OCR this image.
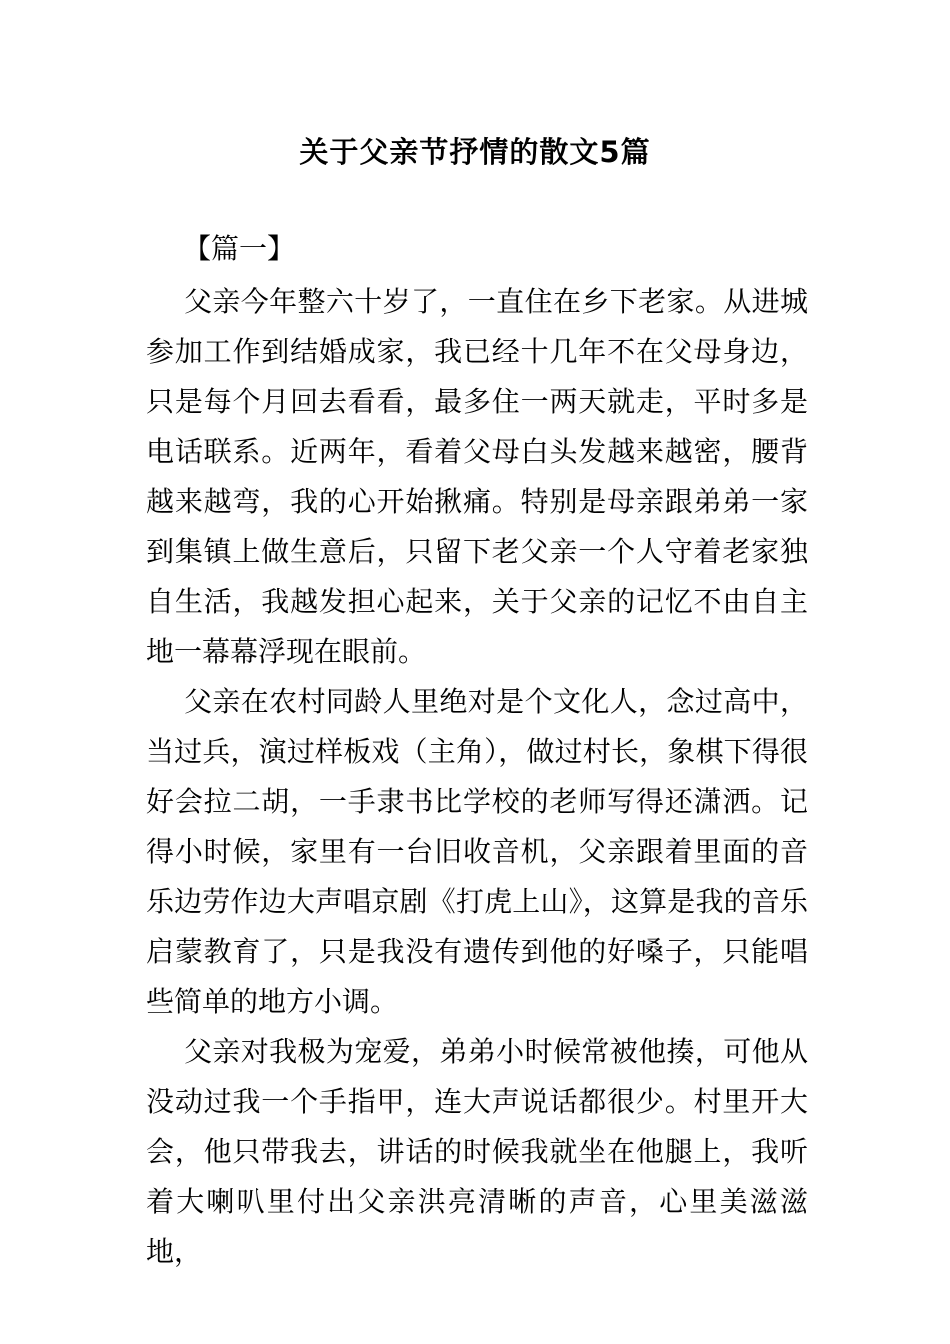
关于父亲节抒情的散文5篇
【篇一】

父亲今年整六十岁了，一直住在乡下老家。从进城参加工作到结婚成家，我已经十几年不在父母身边，只是每个月回去看看，最多住一两天就走，平时多是电话联系。近两年，看着父母白头发越来越密，腰背越来越弯，我的心开始揪痛。特别是母亲跟弟弟一家到集镇上做生意后，只留下老父亲一个人守着老家独自生活，我越发担心起来，关于父亲的记忆不由自主地一幕幕浮现在眼前。

父亲在农村同龄人里绝对是个文化人，念过高中，当过兵，演过样板戏（主角），做过村长，象棋下得很好会拉二胡，一手隶书比学校的老师写得还潇洒。记得小时候，家里有一台旧收音机，父亲跟着里面的音乐边劳作边大声唱京剧《打虎上山》，这算是我的音乐启蒙教育了，只是我没有遗传到他的好嗓子，只能唱些简单的地方小调。

父亲对我极为宠爱，弟弟小时候常被他揍，可他从没动过我一个手指甲，连大声说话都很少。村里开大会，他只带我去，讲话的时候我就坐在他腿上，我听着大喇叭里付出父亲洪亮清晰的声音，心里美滋滋地，
